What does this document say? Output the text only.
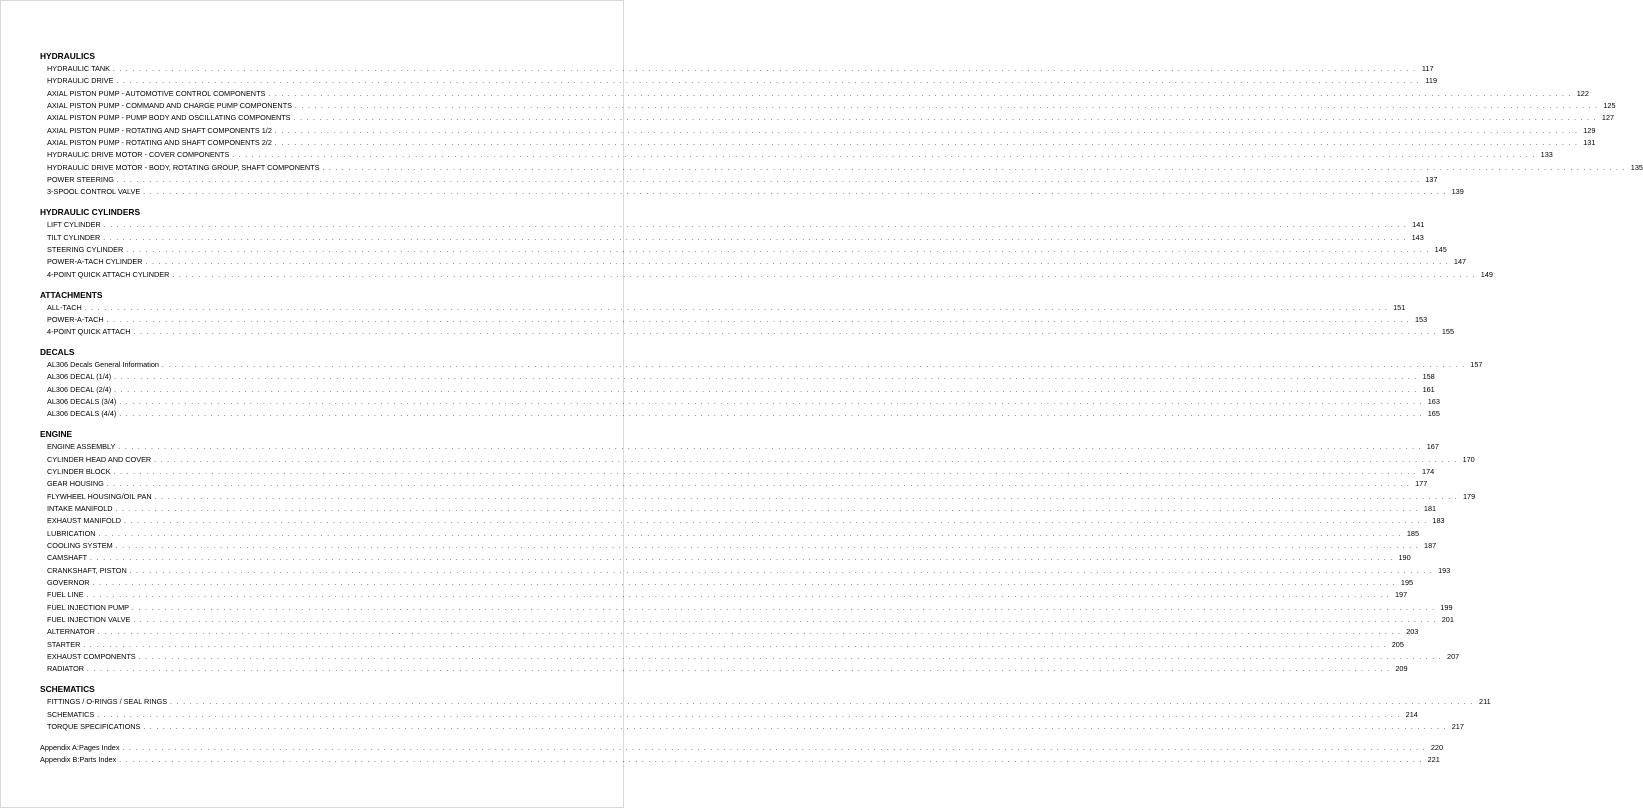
HYDRAULICS
HYDRAULIC TANK . . . . . . . . . . . . . . . . . . . . . . . . . . . . . . . . . . . . . . . . . . . . . . . . . . . . . . . . . . . . . . . . . . . . . . . . . . . . . . . . . . . . . . . . . . . . . . . . . . . . . . . . . . . . . . . . . . . . . . . . . . . . . . . . . . . . . . . . . . . . . . . . . . . . . . . . . . . . . . . . . . . . . . . . . . . . . . . . . . . . . . . . . . . . . . . . . . . . . . . . 117
HYDRAULIC DRIVE . . . . . . . . . . . . . . . . . . . . . . . . . . . . . . . . . . . . . . . . . . . . . . . . . . . . . . . . . . . . . . . . . . . . . . . . . . . . . . . . . . . . . . . . . . . . . . . . . . . . . . . . . . . . . . . . . . . . . . . . . . . . . . . . . . . . . . . . . . . . . . . . . . . . . . . . . . . . . . . . . . . . . . . . . . . . . . . . . . . . . . . . . . . . . . . . . . . . . . . . 119
AXIAL PISTON PUMP - AUTOMOTIVE CONTROL COMPONENTS . . . . . . . . . . . . . . . . . . . . . . . . . . . . . . . . . . . . . . . . . . . . . . . . . . . . . . . . . . . . . . . . . . . . . . . . . . . . . . . . . . . . . . . . . . . . . . . . . . . . . . . . . . . . . . . . . . . . . . . . . . . . . . . . . . . . . . . . . . . . . . . . . . . . . . . . . . . . . . . . . . . . . . . . . . . . . . . . . . . . . . . . . . . . . . . . . . . . . . . . 122
AXIAL PISTON PUMP - COMMAND AND CHARGE PUMP COMPONENTS . . . . . . . . . . . . . . . . . . . . . . . . . . . . . . . . . . . . . . . . . . . . . . . . . . . . . . . . . . . . . . . . . . . . . . . . . . . . . . . . . . . . . . . . . . . . . . . . . . . . . . . . . . . . . . . . . . . . . . . . . . . . . . . . . . . . . . . . . . . . . . . . . . . . . . . . . . . . . . . . . . . . . . . . . . . . . . . . . . . . . . . . . . . . . . . . . . . . . . . . 125
AXIAL PISTON PUMP - PUMP BODY AND OSCILLATING COMPONENTS . . . . . . . . . . . . . . . . . . . . . . . . . . . . . . . . . . . . . . . . . . . . . . . . . . . . . . . . . . . . . . . . . . . . . . . . . . . . . . . . . . . . . . . . . . . . . . . . . . . . . . . . . . . . . . . . . . . . . . . . . . . . . . . . . . . . . . . . . . . . . . . . . . . . . . . . . . . . . . . . . . . . . . . . . . . . . . . . . . . . . . . . . . . . . . . . . . . . . . . . 127
AXIAL PISTON PUMP - ROTATING AND SHAFT COMPONENTS 1/2 . . . . . . . . . . . . . . . . . . . . . . . . . . . . . . . . . . . . . . . . . . . . . . . . . . . . . . . . . . . . . . . . . . . . . . . . . . . . . . . . . . . . . . . . . . . . . . . . . . . . . . . . . . . . . . . . . . . . . . . . . . . . . . . . . . . . . . . . . . . . . . . . . . . . . . . . . . . . . . . . . . . . . . . . . . . . . . . . . . . . . . . . . . . . . . . . . . . . . . . . 129
AXIAL PISTON PUMP - ROTATING AND SHAFT COMPONENTS 2/2 . . . . . . . . . . . . . . . . . . . . . . . . . . . . . . . . . . . . . . . . . . . . . . . . . . . . . . . . . . . . . . . . . . . . . . . . . . . . . . . . . . . . . . . . . . . . . . . . . . . . . . . . . . . . . . . . . . . . . . . . . . . . . . . . . . . . . . . . . . . . . . . . . . . . . . . . . . . . . . . . . . . . . . . . . . . . . . . . . . . . . . . . . . . . . . . . . . . . . . . . 131
HYDRAULIC DRIVE MOTOR - COVER COMPONENTS . . . . . . . . . . . . . . . . . . . . . . . . . . . . . . . . . . . . . . . . . . . . . . . . . . . . . . . . . . . . . . . . . . . . . . . . . . . . . . . . . . . . . . . . . . . . . . . . . . . . . . . . . . . . . . . . . . . . . . . . . . . . . . . . . . . . . . . . . . . . . . . . . . . . . . . . . . . . . . . . . . . . . . . . . . . . . . . . . . . . . . . . . . . . . . . . . . . . . . . . 133
HYDRAULIC DRIVE MOTOR - BODY, ROTATING GROUP, SHAFT COMPONENTS . . . . . . . . . . . . . . . . . . . . . . . . . . . . . . . . . . . . . . . . . . . . . . . . . . . . . . . . . . . . . . . . . . . . . . . . . . . . . . . . . . . . . . . . . . . . . . . . . . . . . . . . . . . . . . . . . . . . . . . . . . . . . . . . . . . . . . . . . . . . . . . . . . . . . . . . . . . . . . . . . . . . . . . . . . . . . . . . . . . . . . . . . . . . . . . . . . . . . . . . 135
POWER STEERING . . . . . . . . . . . . . . . . . . . . . . . . . . . . . . . . . . . . . . . . . . . . . . . . . . . . . . . . . . . . . . . . . . . . . . . . . . . . . . . . . . . . . . . . . . . . . . . . . . . . . . . . . . . . . . . . . . . . . . . . . . . . . . . . . . . . . . . . . . . . . . . . . . . . . . . . . . . . . . . . . . . . . . . . . . . . . . . . . . . . . . . . . . . . . . . . . . . . . . . . 137
3-SPOOL CONTROL VALVE . . . . . . . . . . . . . . . . . . . . . . . . . . . . . . . . . . . . . . . . . . . . . . . . . . . . . . . . . . . . . . . . . . . . . . . . . . . . . . . . . . . . . . . . . . . . . . . . . . . . . . . . . . . . . . . . . . . . . . . . . . . . . . . . . . . . . . . . . . . . . . . . . . . . . . . . . . . . . . . . . . . . . . . . . . . . . . . . . . . . . . . . . . . . . . . . . . . . . . . . 139
HYDRAULIC CYLINDERS
LIFT CYLINDER . . . . . . . . . . . . . . . . . . . . . . . . . . . . . . . . . . . . . . . . . . . . . . . . . . . . . . . . . . . . . . . . . . . . . . . . . . . . . . . . . . . . . . . . . . . . . . . . . . . . . . . . . . . . . . . . . . . . . . . . . . . . . . . . . . . . . . . . . . . . . . . . . . . . . . . . . . . . . . . . . . . . . . . . . . . . . . . . . . . . . . . . . . . . . . . . . . . . . . . . 141
TILT CYLINDER . . . . . . . . . . . . . . . . . . . . . . . . . . . . . . . . . . . . . . . . . . . . . . . . . . . . . . . . . . . . . . . . . . . . . . . . . . . . . . . . . . . . . . . . . . . . . . . . . . . . . . . . . . . . . . . . . . . . . . . . . . . . . . . . . . . . . . . . . . . . . . . . . . . . . . . . . . . . . . . . . . . . . . . . . . . . . . . . . . . . . . . . . . . . . . . . . . . . . . . . 143
STEERING CYLINDER . . . . . . . . . . . . . . . . . . . . . . . . . . . . . . . . . . . . . . . . . . . . . . . . . . . . . . . . . . . . . . . . . . . . . . . . . . . . . . . . . . . . . . . . . . . . . . . . . . . . . . . . . . . . . . . . . . . . . . . . . . . . . . . . . . . . . . . . . . . . . . . . . . . . . . . . . . . . . . . . . . . . . . . . . . . . . . . . . . . . . . . . . . . . . . . . . . . . . . . . 145
POWER-A-TACH CYLINDER . . . . . . . . . . . . . . . . . . . . . . . . . . . . . . . . . . . . . . . . . . . . . . . . . . . . . . . . . . . . . . . . . . . . . . . . . . . . . . . . . . . . . . . . . . . . . . . . . . . . . . . . . . . . . . . . . . . . . . . . . . . . . . . . . . . . . . . . . . . . . . . . . . . . . . . . . . . . . . . . . . . . . . . . . . . . . . . . . . . . . . . . . . . . . . . . . . . . . . . . 147
4-POINT QUICK ATTACH CYLINDER . . . . . . . . . . . . . . . . . . . . . . . . . . . . . . . . . . . . . . . . . . . . . . . . . . . . . . . . . . . . . . . . . . . . . . . . . . . . . . . . . . . . . . . . . . . . . . . . . . . . . . . . . . . . . . . . . . . . . . . . . . . . . . . . . . . . . . . . . . . . . . . . . . . . . . . . . . . . . . . . . . . . . . . . . . . . . . . . . . . . . . . . . . . . . . . . . . . . . . . . 149
ATTACHMENTS
ALL-TACH . . . . . . . . . . . . . . . . . . . . . . . . . . . . . . . . . . . . . . . . . . . . . . . . . . . . . . . . . . . . . . . . . . . . . . . . . . . . . . . . . . . . . . . . . . . . . . . . . . . . . . . . . . . . . . . . . . . . . . . . . . . . . . . . . . . . . . . . . . . . . . . . . . . . . . . . . . . . . . . . . . . . . . . . . . . . . . . . . . . . . . . . . . . . . . . . . . . . . . . . 151
POWER-A-TACH . . . . . . . . . . . . . . . . . . . . . . . . . . . . . . . . . . . . . . . . . . . . . . . . . . . . . . . . . . . . . . . . . . . . . . . . . . . . . . . . . . . . . . . . . . . . . . . . . . . . . . . . . . . . . . . . . . . . . . . . . . . . . . . . . . . . . . . . . . . . . . . . . . . . . . . . . . . . . . . . . . . . . . . . . . . . . . . . . . . . . . . . . . . . . . . . . . . . . . . . 153
4-POINT QUICK ATTACH . . . . . . . . . . . . . . . . . . . . . . . . . . . . . . . . . . . . . . . . . . . . . . . . . . . . . . . . . . . . . . . . . . . . . . . . . . . . . . . . . . . . . . . . . . . . . . . . . . . . . . . . . . . . . . . . . . . . . . . . . . . . . . . . . . . . . . . . . . . . . . . . . . . . . . . . . . . . . . . . . . . . . . . . . . . . . . . . . . . . . . . . . . . . . . . . . . . . . . . . 155
DECALS
AL306 Decals General Information . . . . . . . . . . . . . . . . . . . . . . . . . . . . . . . . . . . . . . . . . . . . . . . . . . . . . . . . . . . . . . . . . . . . . . . . . . . . . . . . . . . . . . . . . . . . . . . . . . . . . . . . . . . . . . . . . . . . . . . . . . . . . . . . . . . . . . . . . . . . . . . . . . . . . . . . . . . . . . . . . . . . . . . . . . . . . . . . . . . . . . . . . . . . . . . . . . . . . . . . 157
AL306 DECAL (1/4) . . . . . . . . . . . . . . . . . . . . . . . . . . . . . . . . . . . . . . . . . . . . . . . . . . . . . . . . . . . . . . . . . . . . . . . . . . . . . . . . . . . . . . . . . . . . . . . . . . . . . . . . . . . . . . . . . . . . . . . . . . . . . . . . . . . . . . . . . . . . . . . . . . . . . . . . . . . . . . . . . . . . . . . . . . . . . . . . . . . . . . . . . . . . . . . . . . . . . . . . 158
AL306 DECAL (2/4) . . . . . . . . . . . . . . . . . . . . . . . . . . . . . . . . . . . . . . . . . . . . . . . . . . . . . . . . . . . . . . . . . . . . . . . . . . . . . . . . . . . . . . . . . . . . . . . . . . . . . . . . . . . . . . . . . . . . . . . . . . . . . . . . . . . . . . . . . . . . . . . . . . . . . . . . . . . . . . . . . . . . . . . . . . . . . . . . . . . . . . . . . . . . . . . . . . . . . . . . 161
AL306 DECALS (3/4) . . . . . . . . . . . . . . . . . . . . . . . . . . . . . . . . . . . . . . . . . . . . . . . . . . . . . . . . . . . . . . . . . . . . . . . . . . . . . . . . . . . . . . . . . . . . . . . . . . . . . . . . . . . . . . . . . . . . . . . . . . . . . . . . . . . . . . . . . . . . . . . . . . . . . . . . . . . . . . . . . . . . . . . . . . . . . . . . . . . . . . . . . . . . . . . . . . . . . . . . 163
AL306 DECALS (4/4) . . . . . . . . . . . . . . . . . . . . . . . . . . . . . . . . . . . . . . . . . . . . . . . . . . . . . . . . . . . . . . . . . . . . . . . . . . . . . . . . . . . . . . . . . . . . . . . . . . . . . . . . . . . . . . . . . . . . . . . . . . . . . . . . . . . . . . . . . . . . . . . . . . . . . . . . . . . . . . . . . . . . . . . . . . . . . . . . . . . . . . . . . . . . . . . . . . . . . . . . 165
ENGINE
ENGINE ASSEMBLY . . . . . . . . . . . . . . . . . . . . . . . . . . . . . . . . . . . . . . . . . . . . . . . . . . . . . . . . . . . . . . . . . . . . . . . . . . . . . . . . . . . . . . . . . . . . . . . . . . . . . . . . . . . . . . . . . . . . . . . . . . . . . . . . . . . . . . . . . . . . . . . . . . . . . . . . . . . . . . . . . . . . . . . . . . . . . . . . . . . . . . . . . . . . . . . . . . . . . . . . 167
CYLINDER HEAD AND COVER . . . . . . . . . . . . . . . . . . . . . . . . . . . . . . . . . . . . . . . . . . . . . . . . . . . . . . . . . . . . . . . . . . . . . . . . . . . . . . . . . . . . . . . . . . . . . . . . . . . . . . . . . . . . . . . . . . . . . . . . . . . . . . . . . . . . . . . . . . . . . . . . . . . . . . . . . . . . . . . . . . . . . . . . . . . . . . . . . . . . . . . . . . . . . . . . . . . . . . . . 170
CYLINDER BLOCK . . . . . . . . . . . . . . . . . . . . . . . . . . . . . . . . . . . . . . . . . . . . . . . . . . . . . . . . . . . . . . . . . . . . . . . . . . . . . . . . . . . . . . . . . . . . . . . . . . . . . . . . . . . . . . . . . . . . . . . . . . . . . . . . . . . . . . . . . . . . . . . . . . . . . . . . . . . . . . . . . . . . . . . . . . . . . . . . . . . . . . . . . . . . . . . . . . . . . . . . 174
GEAR HOUSING . . . . . . . . . . . . . . . . . . . . . . . . . . . . . . . . . . . . . . . . . . . . . . . . . . . . . . . . . . . . . . . . . . . . . . . . . . . . . . . . . . . . . . . . . . . . . . . . . . . . . . . . . . . . . . . . . . . . . . . . . . . . . . . . . . . . . . . . . . . . . . . . . . . . . . . . . . . . . . . . . . . . . . . . . . . . . . . . . . . . . . . . . . . . . . . . . . . . . . . . 177
FLYWHEEL HOUSING/OIL PAN . . . . . . . . . . . . . . . . . . . . . . . . . . . . . . . . . . . . . . . . . . . . . . . . . . . . . . . . . . . . . . . . . . . . . . . . . . . . . . . . . . . . . . . . . . . . . . . . . . . . . . . . . . . . . . . . . . . . . . . . . . . . . . . . . . . . . . . . . . . . . . . . . . . . . . . . . . . . . . . . . . . . . . . . . . . . . . . . . . . . . . . . . . . . . . . . . . . . . . . . 179
INTAKE MANIFOLD . . . . . . . . . . . . . . . . . . . . . . . . . . . . . . . . . . . . . . . . . . . . . . . . . . . . . . . . . . . . . . . . . . . . . . . . . . . . . . . . . . . . . . . . . . . . . . . . . . . . . . . . . . . . . . . . . . . . . . . . . . . . . . . . . . . . . . . . . . . . . . . . . . . . . . . . . . . . . . . . . . . . . . . . . . . . . . . . . . . . . . . . . . . . . . . . . . . . . . . . 181
EXHAUST MANIFOLD . . . . . . . . . . . . . . . . . . . . . . . . . . . . . . . . . . . . . . . . . . . . . . . . . . . . . . . . . . . . . . . . . . . . . . . . . . . . . . . . . . . . . . . . . . . . . . . . . . . . . . . . . . . . . . . . . . . . . . . . . . . . . . . . . . . . . . . . . . . . . . . . . . . . . . . . . . . . . . . . . . . . . . . . . . . . . . . . . . . . . . . . . . . . . . . . . . . . . . . . 183
LUBRICATION . . . . . . . . . . . . . . . . . . . . . . . . . . . . . . . . . . . . . . . . . . . . . . . . . . . . . . . . . . . . . . . . . . . . . . . . . . . . . . . . . . . . . . . . . . . . . . . . . . . . . . . . . . . . . . . . . . . . . . . . . . . . . . . . . . . . . . . . . . . . . . . . . . . . . . . . . . . . . . . . . . . . . . . . . . . . . . . . . . . . . . . . . . . . . . . . . . . . . . . . 185
COOLING SYSTEM . . . . . . . . . . . . . . . . . . . . . . . . . . . . . . . . . . . . . . . . . . . . . . . . . . . . . . . . . . . . . . . . . . . . . . . . . . . . . . . . . . . . . . . . . . . . . . . . . . . . . . . . . . . . . . . . . . . . . . . . . . . . . . . . . . . . . . . . . . . . . . . . . . . . . . . . . . . . . . . . . . . . . . . . . . . . . . . . . . . . . . . . . . . . . . . . . . . . . . . . 187
CAMSHAFT . . . . . . . . . . . . . . . . . . . . . . . . . . . . . . . . . . . . . . . . . . . . . . . . . . . . . . . . . . . . . . . . . . . . . . . . . . . . . . . . . . . . . . . . . . . . . . . . . . . . . . . . . . . . . . . . . . . . . . . . . . . . . . . . . . . . . . . . . . . . . . . . . . . . . . . . . . . . . . . . . . . . . . . . . . . . . . . . . . . . . . . . . . . . . . . . . . . . . . . . 190
CRANKSHAFT, PISTON . . . . . . . . . . . . . . . . . . . . . . . . . . . . . . . . . . . . . . . . . . . . . . . . . . . . . . . . . . . . . . . . . . . . . . . . . . . . . . . . . . . . . . . . . . . . . . . . . . . . . . . . . . . . . . . . . . . . . . . . . . . . . . . . . . . . . . . . . . . . . . . . . . . . . . . . . . . . . . . . . . . . . . . . . . . . . . . . . . . . . . . . . . . . . . . . . . . . . . . . 193
GOVERNOR . . . . . . . . . . . . . . . . . . . . . . . . . . . . . . . . . . . . . . . . . . . . . . . . . . . . . . . . . . . . . . . . . . . . . . . . . . . . . . . . . . . . . . . . . . . . . . . . . . . . . . . . . . . . . . . . . . . . . . . . . . . . . . . . . . . . . . . . . . . . . . . . . . . . . . . . . . . . . . . . . . . . . . . . . . . . . . . . . . . . . . . . . . . . . . . . . . . . . . . . 195
FUEL LINE . . . . . . . . . . . . . . . . . . . . . . . . . . . . . . . . . . . . . . . . . . . . . . . . . . . . . . . . . . . . . . . . . . . . . . . . . . . . . . . . . . . . . . . . . . . . . . . . . . . . . . . . . . . . . . . . . . . . . . . . . . . . . . . . . . . . . . . . . . . . . . . . . . . . . . . . . . . . . . . . . . . . . . . . . . . . . . . . . . . . . . . . . . . . . . . . . . . . . . . . 197
FUEL INJECTION PUMP . . . . . . . . . . . . . . . . . . . . . . . . . . . . . . . . . . . . . . . . . . . . . . . . . . . . . . . . . . . . . . . . . . . . . . . . . . . . . . . . . . . . . . . . . . . . . . . . . . . . . . . . . . . . . . . . . . . . . . . . . . . . . . . . . . . . . . . . . . . . . . . . . . . . . . . . . . . . . . . . . . . . . . . . . . . . . . . . . . . . . . . . . . . . . . . . . . . . . . . . 199
FUEL INJECTION VALVE . . . . . . . . . . . . . . . . . . . . . . . . . . . . . . . . . . . . . . . . . . . . . . . . . . . . . . . . . . . . . . . . . . . . . . . . . . . . . . . . . . . . . . . . . . . . . . . . . . . . . . . . . . . . . . . . . . . . . . . . . . . . . . . . . . . . . . . . . . . . . . . . . . . . . . . . . . . . . . . . . . . . . . . . . . . . . . . . . . . . . . . . . . . . . . . . . . . . . . . . 201
ALTERNATOR . . . . . . . . . . . . . . . . . . . . . . . . . . . . . . . . . . . . . . . . . . . . . . . . . . . . . . . . . . . . . . . . . . . . . . . . . . . . . . . . . . . . . . . . . . . . . . . . . . . . . . . . . . . . . . . . . . . . . . . . . . . . . . . . . . . . . . . . . . . . . . . . . . . . . . . . . . . . . . . . . . . . . . . . . . . . . . . . . . . . . . . . . . . . . . . . . . . . . . . . 203
STARTER . . . . . . . . . . . . . . . . . . . . . . . . . . . . . . . . . . . . . . . . . . . . . . . . . . . . . . . . . . . . . . . . . . . . . . . . . . . . . . . . . . . . . . . . . . . . . . . . . . . . . . . . . . . . . . . . . . . . . . . . . . . . . . . . . . . . . . . . . . . . . . . . . . . . . . . . . . . . . . . . . . . . . . . . . . . . . . . . . . . . . . . . . . . . . . . . . . . . . . . . 205
EXHAUST COMPONENTS . . . . . . . . . . . . . . . . . . . . . . . . . . . . . . . . . . . . . . . . . . . . . . . . . . . . . . . . . . . . . . . . . . . . . . . . . . . . . . . . . . . . . . . . . . . . . . . . . . . . . . . . . . . . . . . . . . . . . . . . . . . . . . . . . . . . . . . . . . . . . . . . . . . . . . . . . . . . . . . . . . . . . . . . . . . . . . . . . . . . . . . . . . . . . . . . . . . . . . . . 207
RADIATOR . . . . . . . . . . . . . . . . . . . . . . . . . . . . . . . . . . . . . . . . . . . . . . . . . . . . . . . . . . . . . . . . . . . . . . . . . . . . . . . . . . . . . . . . . . . . . . . . . . . . . . . . . . . . . . . . . . . . . . . . . . . . . . . . . . . . . . . . . . . . . . . . . . . . . . . . . . . . . . . . . . . . . . . . . . . . . . . . . . . . . . . . . . . . . . . . . . . . . . . . 209
SCHEMATICS
FITTINGS / O-RINGS / SEAL RINGS . . . . . . . . . . . . . . . . . . . . . . . . . . . . . . . . . . . . . . . . . . . . . . . . . . . . . . . . . . . . . . . . . . . . . . . . . . . . . . . . . . . . . . . . . . . . . . . . . . . . . . . . . . . . . . . . . . . . . . . . . . . . . . . . . . . . . . . . . . . . . . . . . . . . . . . . . . . . . . . . . . . . . . . . . . . . . . . . . . . . . . . . . . . . . . . . . . . . . . . . 211
SCHEMATICS . . . . . . . . . . . . . . . . . . . . . . . . . . . . . . . . . . . . . . . . . . . . . . . . . . . . . . . . . . . . . . . . . . . . . . . . . . . . . . . . . . . . . . . . . . . . . . . . . . . . . . . . . . . . . . . . . . . . . . . . . . . . . . . . . . . . . . . . . . . . . . . . . . . . . . . . . . . . . . . . . . . . . . . . . . . . . . . . . . . . . . . . . . . . . . . . . . . . . . . . 214
TORQUE SPECIFICATIONS . . . . . . . . . . . . . . . . . . . . . . . . . . . . . . . . . . . . . . . . . . . . . . . . . . . . . . . . . . . . . . . . . . . . . . . . . . . . . . . . . . . . . . . . . . . . . . . . . . . . . . . . . . . . . . . . . . . . . . . . . . . . . . . . . . . . . . . . . . . . . . . . . . . . . . . . . . . . . . . . . . . . . . . . . . . . . . . . . . . . . . . . . . . . . . . . . . . . . . . . 217
Appendix A:Pages Index . . . . . . . . . . . . . . . . . . . . . . . . . . . . . . . . . . . . . . . . . . . . . . . . . . . . . . . . . . . . . . . . . . . . . . . . . . . . . . . . . . . . . . . . . . . . . . . . . . . . . . . . . . . . . . . . . . . . . . . . . . . . . . . . . . . . . . . . . . . . . . . . . . . . . . . . . . . . . . . . . . . . . . . . . . . . . . . . . . . . . . . . . . . . . . . . . . . . . . . . 220
Appendix B:Parts Index . . . . . . . . . . . . . . . . . . . . . . . . . . . . . . . . . . . . . . . . . . . . . . . . . . . . . . . . . . . . . . . . . . . . . . . . . . . . . . . . . . . . . . . . . . . . . . . . . . . . . . . . . . . . . . . . . . . . . . . . . . . . . . . . . . . . . . . . . . . . . . . . . . . . . . . . . . . . . . . . . . . . . . . . . . . . . . . . . . . . . . . . . . . . . . . . . . . . . . . . 221
